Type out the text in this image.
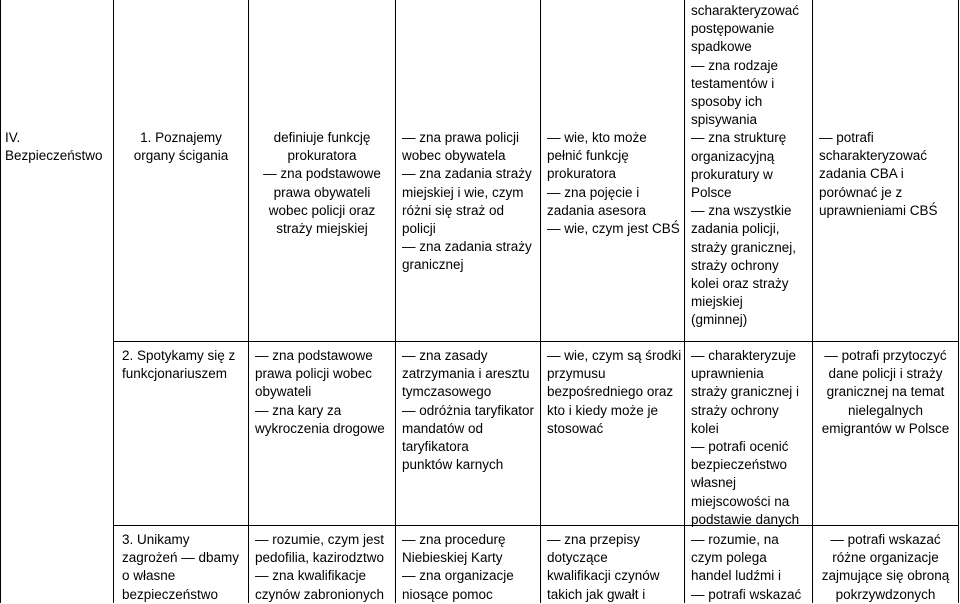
IV.
Bezpieczeństwo
1. Poznajemy
organy ścigania
definiuje funkcję
prokuratora
— zna podstawowe
prawa obywateli
wobec policji oraz
straży miejskiej
— zna prawa policji
wobec obywatela
— zna zadania straży
miejskiej i wie, czym
różni się straż od
policji
— zna zadania straży
granicznej
— wie, kto może
pełnić funkcję
prokuratora
— zna pojęcie i
zadania asesora
— wie, czym jest CBŚ
scharakteryzować
postępowanie
spadkowe
— zna rodzaje
testamentów i
sposoby ich
spisywania
— zna strukturę
organizacyjną
prokuratury w
Polsce
— zna wszystkie
zadania policji,
straży granicznej,
straży ochrony
kolei oraz straży
miejskiej
(gminnej)
— potrafi
scharakteryzować
zadania CBA i
porównać je z
uprawnieniami CBŚ
2. Spotykamy się z
funkcjonariuszem
— zna podstawowe
prawa policji wobec
obywateli
— zna kary za
wykroczenia drogowe
— zna zasady
zatrzymania i aresztu
tymczasowego
— odróżnia taryfikator
mandatów od
taryfikatora
punktów karnych
— wie, czym są środki
przymusu
bezpośredniego oraz
kto i kiedy może je
stosować
— charakteryzuje
uprawnienia
straży granicznej i
straży ochrony
kolei
— potrafi ocenić
bezpieczeństwo
własnej
miejscowości na
podstawie danych
— potrafi przytoczyć
dane policji i straży
granicznej na temat
nielegalnych
emigrantów w Polsce
3. Unikamy
zagrożeń — dbamy
o własne
bezpieczeństwo
— rozumie, czym jest
pedofilia, kazirodztwo
— zna kwalifikacje
czynów zabronionych
— zna procedurę
Niebieskiej Karty
— zna organizacje
niosące pomoc
— zna przepisy
dotyczące
kwalifikacji czynów
takich jak gwałt i
— rozumie, na
czym polega
handel ludźmi i
— potrafi wskazać
— potrafi wskazać
różne organizacje
zajmujące się obroną
pokrzywdzonych
